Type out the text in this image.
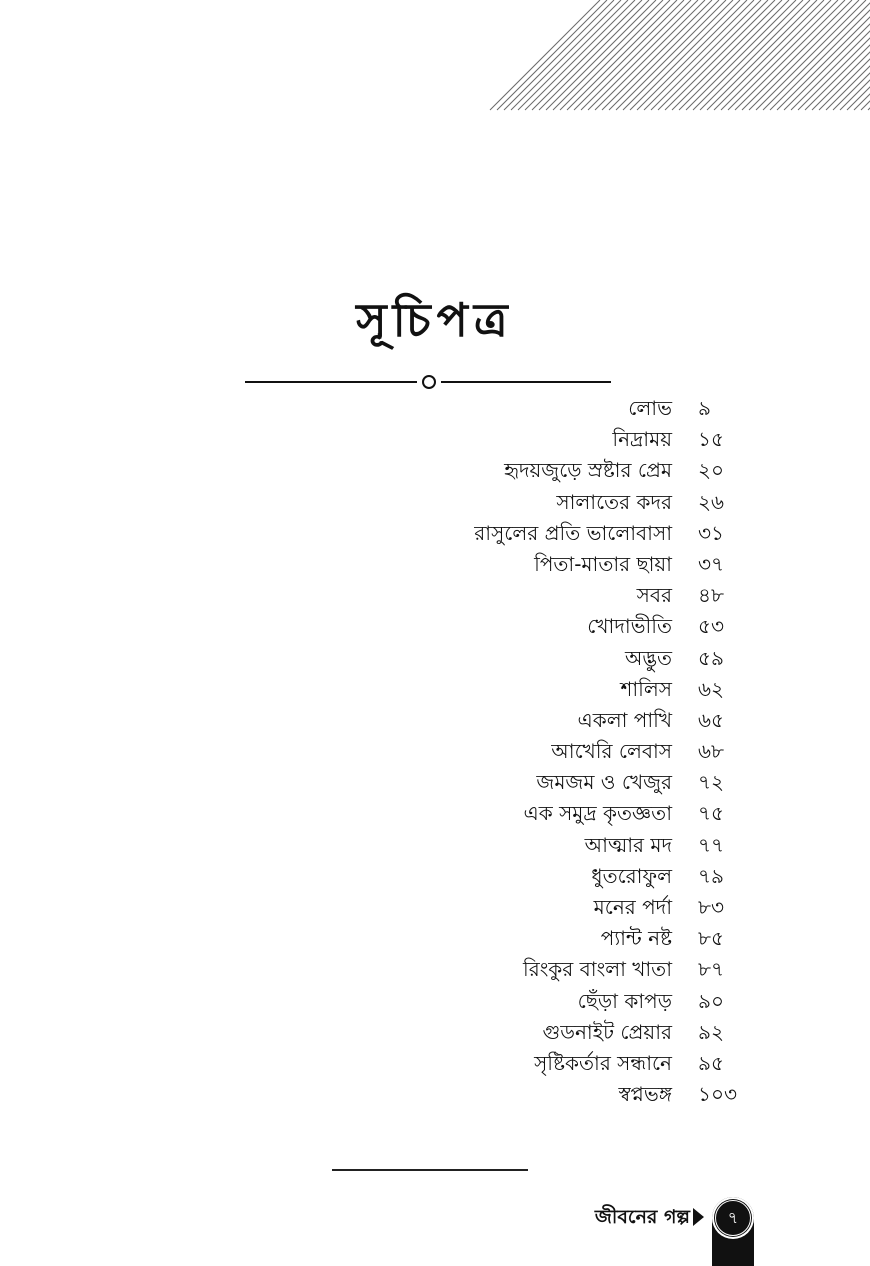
সূচিপত্র
লোভ ৯
নিদ্রাময় ১৫
হৃদয়জুড়ে স্রষ্টার প্রেম ২০
সালাতের কদর ২৬
রাসুলের প্রতি ভালোবাসা ৩১
পিতা-মাতার ছায়া ৩৭
সবর ৪৮
খোদাভীতি ৫৩
অদ্ভুত ৫৯
শালিস ৬২
একলা পাখি ৬৫
আখেরি লেবাস ৬৮
জমজম ও খেজুর ৭২
এক সমুদ্র কৃতজ্ঞতা ৭৫
আত্মার মদ ৭৭
ধুতরোফুল ৭৯
মনের পর্দা ৮৩
প্যান্ট নষ্ট ৮৫
রিংকুর বাংলা খাতা ৮৭
ছেঁড়া কাপড় ৯০
গুডনাইট প্রেয়ার ৯২
সৃষ্টিকর্তার সন্ধানে ৯৫
স্বপ্নভঙ্গ ১০৩
জীবনের গল্প	৭
